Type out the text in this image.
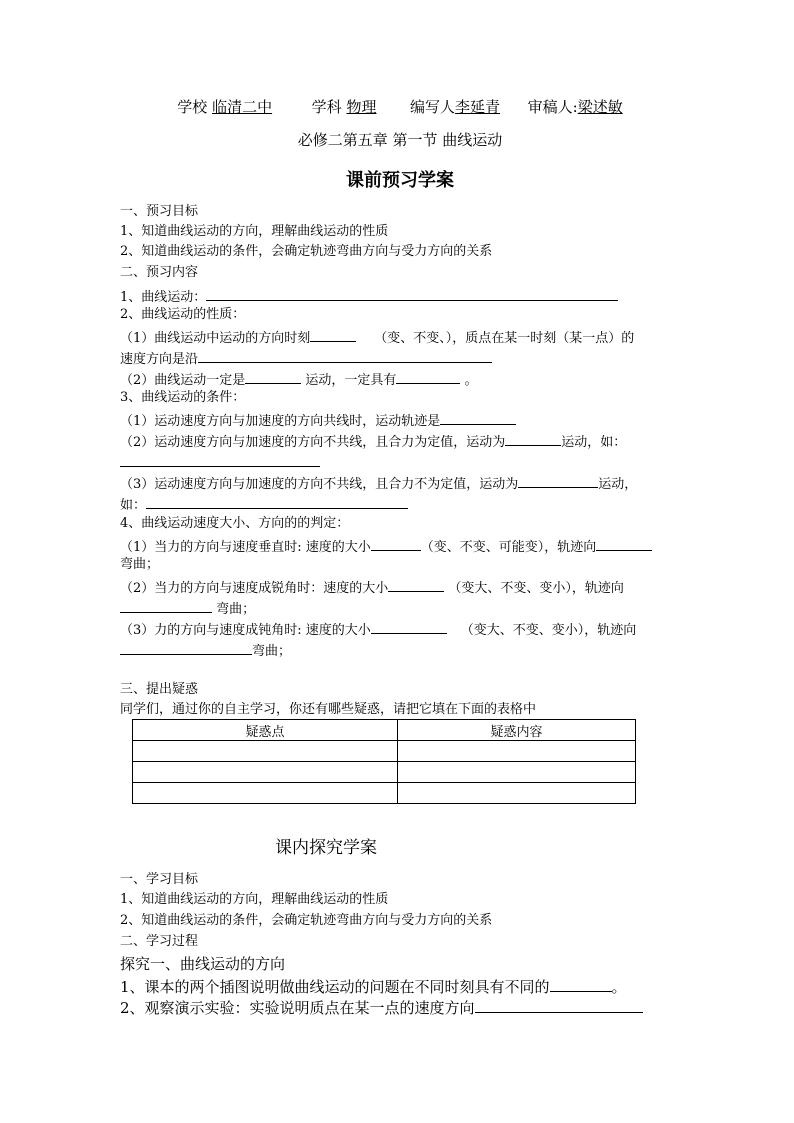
学校 临清二中	学科 物理 编写人李延青 审稿人:梁述敏
必修二第五章 第一节 曲线运动
课前预习学案
一、预习目标
1、知道曲线运动的方向，理解曲线运动的性质
2、知道曲线运动的条件，会确定轨迹弯曲方向与受力方向的关系
二、预习内容
1、曲线运动：
2、曲线运动的性质：
（1）曲线运动中运动的方向时刻	（变、不变、），质点在某一时刻（某一点）的
速度方向是沿
（2）曲线运动一定是	运动，一定具有	。
3、曲线运动的条件：
（1）运动速度方向与加速度的方向共线时，运动轨迹是
（2）运动速度方向与加速度的方向不共线，且合力为定值，运动为	运动，如：
（3）运动速度方向与加速度的方向不共线，且合力不为定值，运动为	运动，
如：
4、曲线运动速度大小、方向的的判定：
（1）当力的方向与速度垂直时: 速度的大小	（变、不变、可能变），轨迹向
弯曲；
（2）当力的方向与速度成锐角时：速度的大小	（变大、不变、变小），轨迹向
弯曲；
（3）力的方向与速度成钝角时: 速度的大小	（变大、不变、变小），轨迹向
弯曲；
三、提出疑惑
同学们，通过你的自主学习，你还有哪些疑惑，请把它填在下面的表格中
疑惑点	疑惑内容

课内探究学案
一、学习目标
1、知道曲线运动的方向，理解曲线运动的性质
2、知道曲线运动的条件，会确定轨迹弯曲方向与受力方向的关系
二、学习过程
探究一、曲线运动的方向
1、课本的两个插图说明做曲线运动的问题在不同时刻具有不同的	。
2、观察演示实验：实验说明质点在某一点的速度方向
